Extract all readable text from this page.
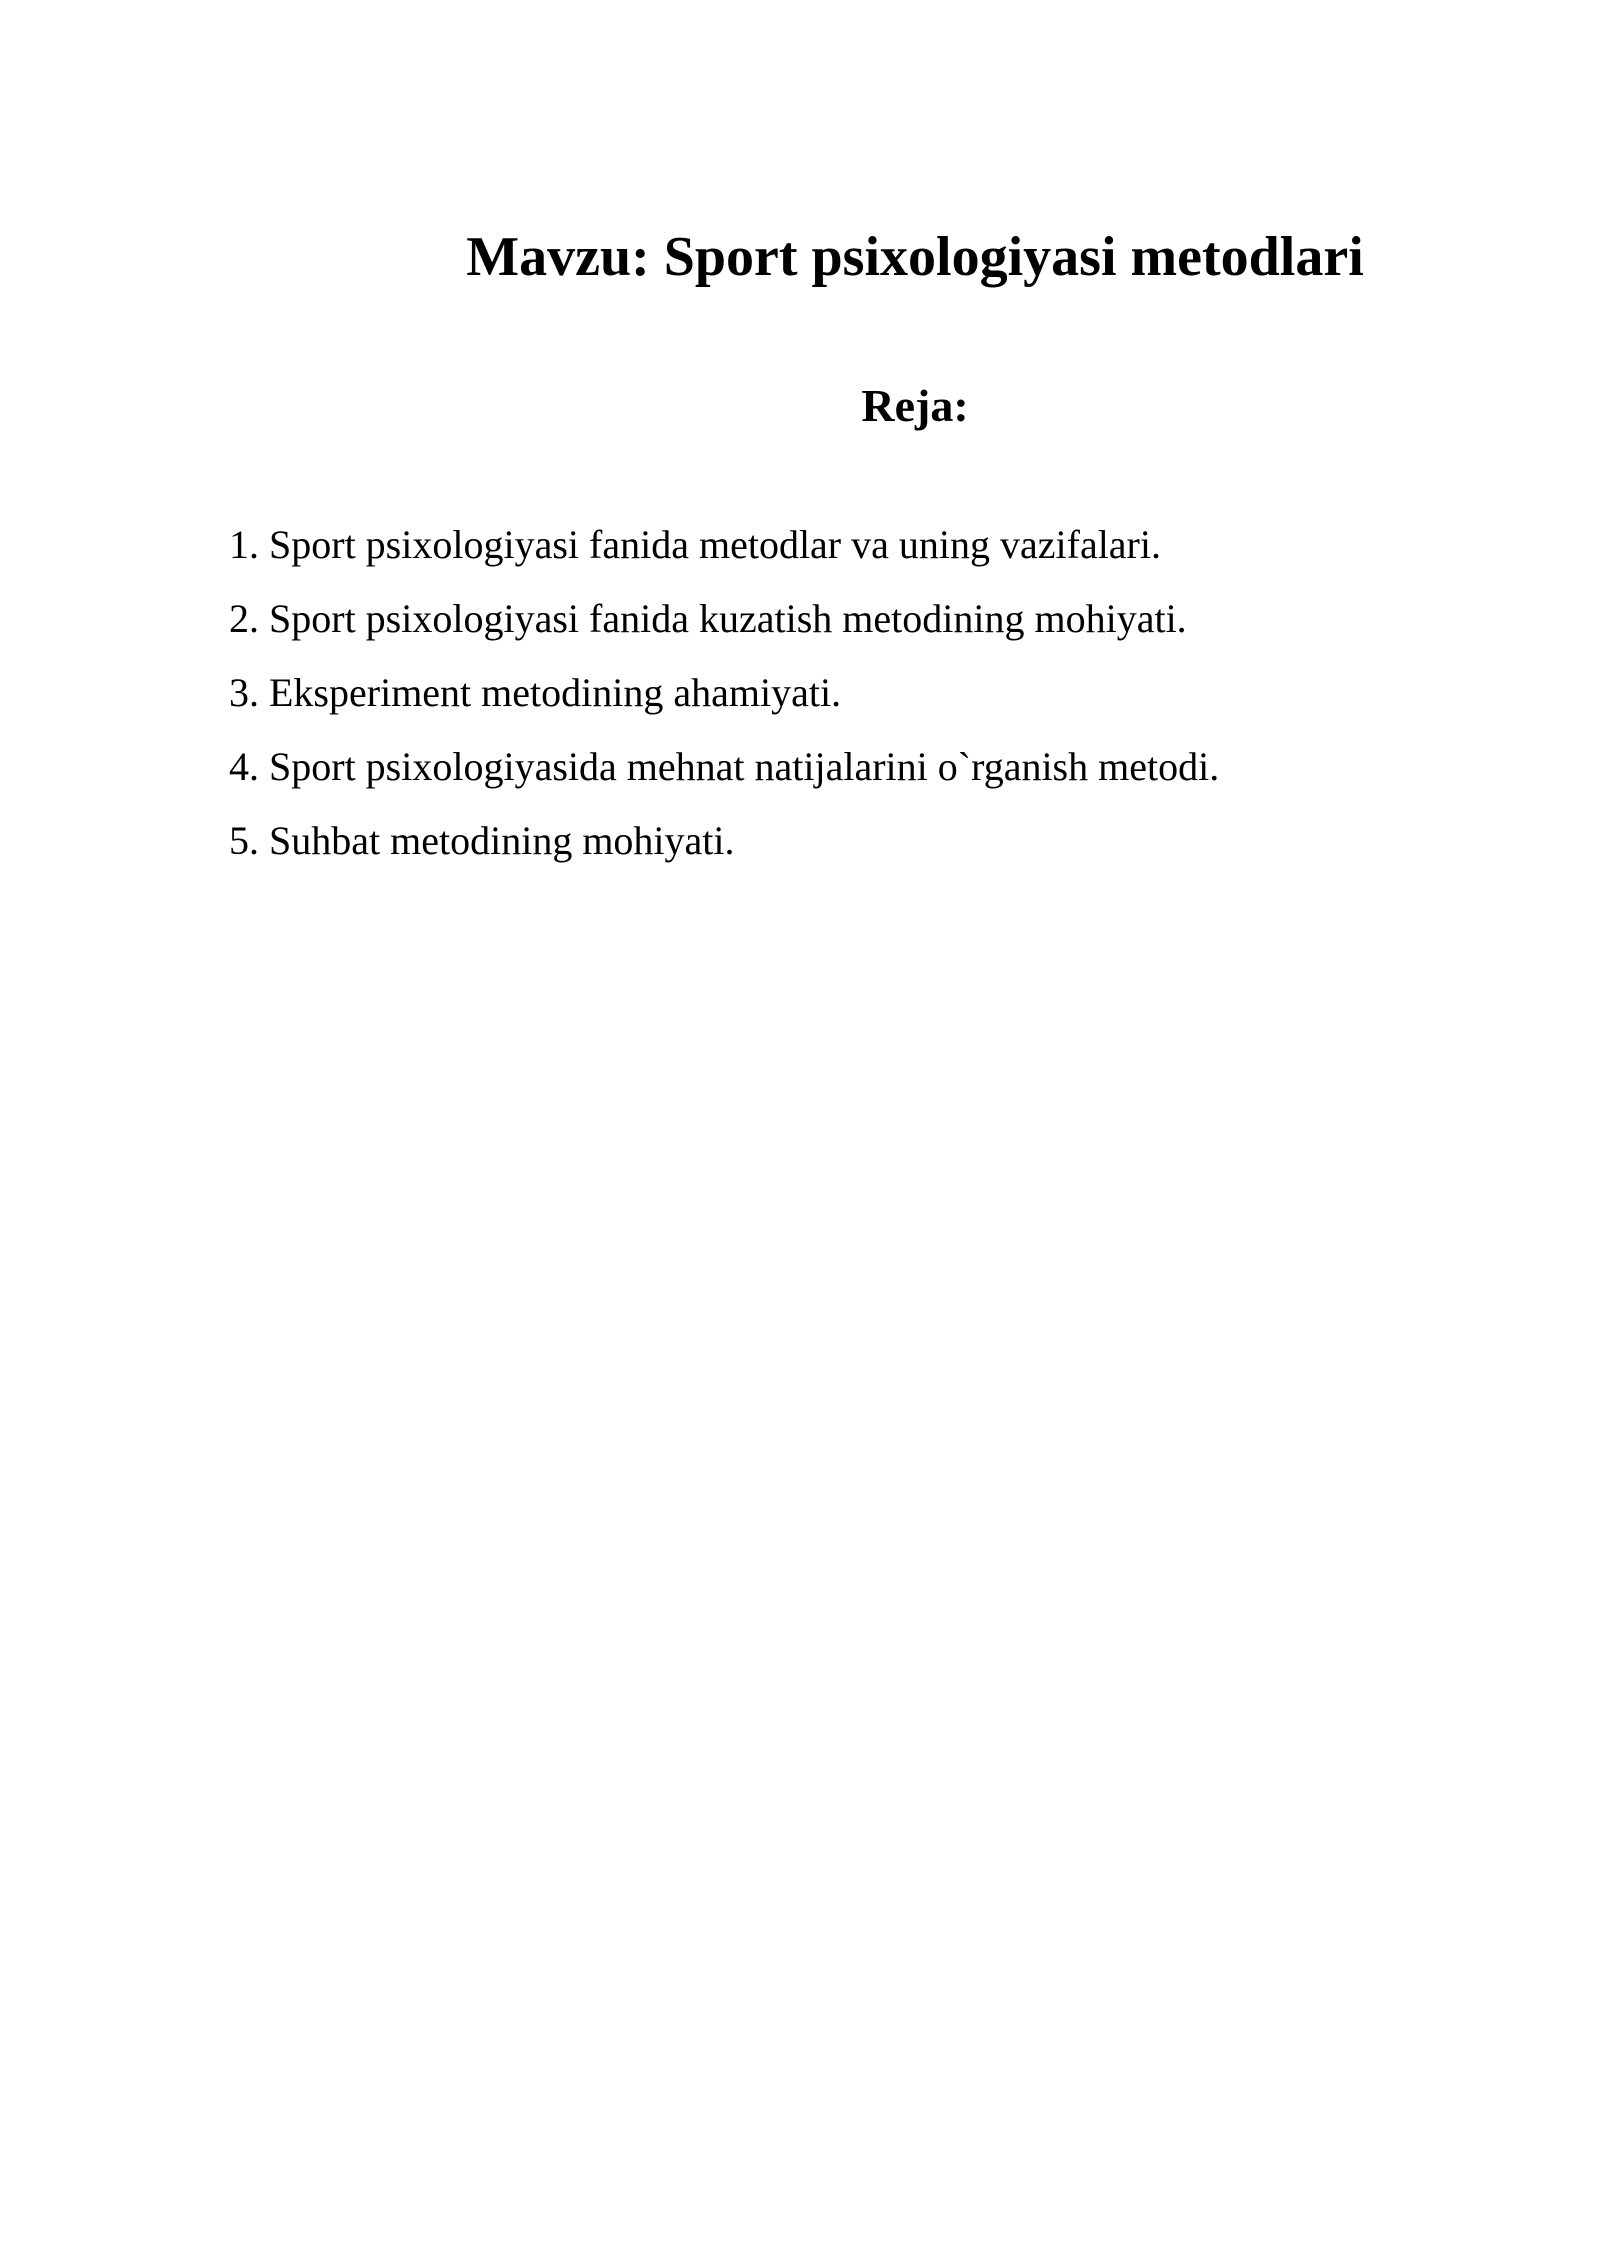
Mavzu: Sport psixologiyasi metodlari
Reja:
1. Sport psixologiyasi fanida metodlar va uning vazifalari.
2. Sport psixologiyasi fanida kuzatish metodining mohiyati.
3. Eksperiment metodining ahamiyati.
4. Sport psixologiyasida mehnat natijalarini o`rganish metodi.
5. Suhbat metodining mohiyati.
